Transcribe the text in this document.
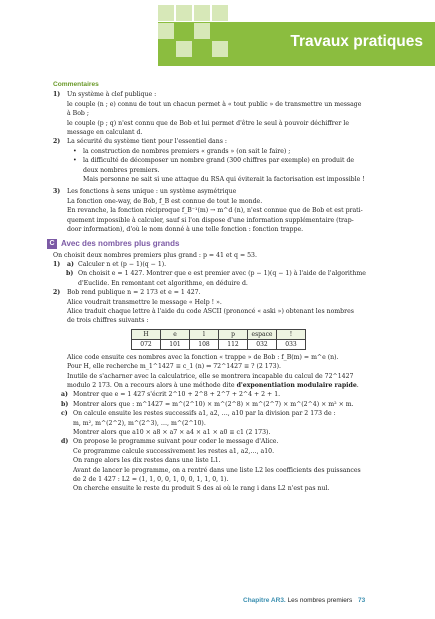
Travaux pratiques
Commentaires

1) Un système à clef publique :

le couple (n ; e) connu de tout un chacun permet à « tout public » de transmettre un message

à Bob ;

le couple (p ; q) n'est connu que de Bob et lui permet d'être le seul à pouvoir déchiffrer le

message en calculant d.

2) La sécurité du système tient pour l'essentiel dans :

• la construction de nombres premiers « grands » (on sait le faire) ;

• la difficulté de décomposer un nombre grand (300 chiffres par exemple) en produit de

deux nombres premiers.

Mais personne ne sait si une attaque du RSA qui éviterait la factorisation est impossible !

3) Les fonctions à sens unique : un système asymétrique

La fonction one-way, de Bob, f_B est connue de tout le monde.

En revanche, la fonction réciproque f_B⁻¹(m) → m^d (n), n'est connue que de Bob et est prati-

quement impossible à calculer, sauf si l'on dispose d'une information supplémentaire (trap-

door information), d'où le nom donné à une telle fonction : fonction trappe.

C Avec des nombres plus grands

On choisit deux nombres premiers plus grand : p = 41 et q = 53.

1) a) Calculer n et (p − 1)(q − 1).

b) On choisit e = 1 427. Montrer que e est premier avec (p − 1)(q − 1) à l'aide de l'algorithme

d'Euclide. En remontant cet algorithme, en déduire d.

2) Bob rend publique n = 2 173 et e = 1 427.

Alice voudrait transmettre le message « Help ! ».

Alice traduit chaque lettre à l'aide du code ASCII (prononcé « aski ») obtenant les nombres

de trois chiffres suivants :

H	e	l	p	espace	!
072	101	108	112	032	033

Alice code ensuite ces nombres avec la fonction « trappe » de Bob : f_B(m) = m^e (n).

Pour H, elle recherche m_1^1427 ≡ c_1 (n) ⇔ 72^1427 ≡ ? (2 173).

Inutile de s'acharner avec la calculatrice, elle se montrera incapable du calcul de 72^1427

modulo 2 173. On a recours alors à une méthode dite d'exponentiation modulaire rapide.

a) Montrer que e = 1 427 s'écrit 2^10 + 2^8 + 2^7 + 2^4 + 2 + 1.

b) Montrer alors que : m^1427 = m^(2^10) × m^(2^8) × m^(2^7) × m^(2^4) × m² × m.

c) On calcule ensuite les restes successifs a1, a2, …, a10 par la division par 2 173 de :

m, m², m^(2^2), m^(2^3), …, m^(2^10).

Montrer alors que a10 × a8 × a7 × a4 × a1 × a0 ≡ c1 (2 173).

d) On propose le programme suivant pour coder le message d'Alice.

Ce programme calcule successivement les restes a1, a2,…, a10.

On range alors les dix restes dans une liste L1.

Avant de lancer le programme, on a rentré dans une liste L2 les coefficients des puissances

de 2 de 1 427 : L2 = (1, 1, 0, 0, 1, 0, 0, 1, 1, 0, 1).

On cherche ensuite le reste du produit S des ai où le rang i dans L2 n'est pas nul.

Chapitre AR3. Les nombres premiers 73
